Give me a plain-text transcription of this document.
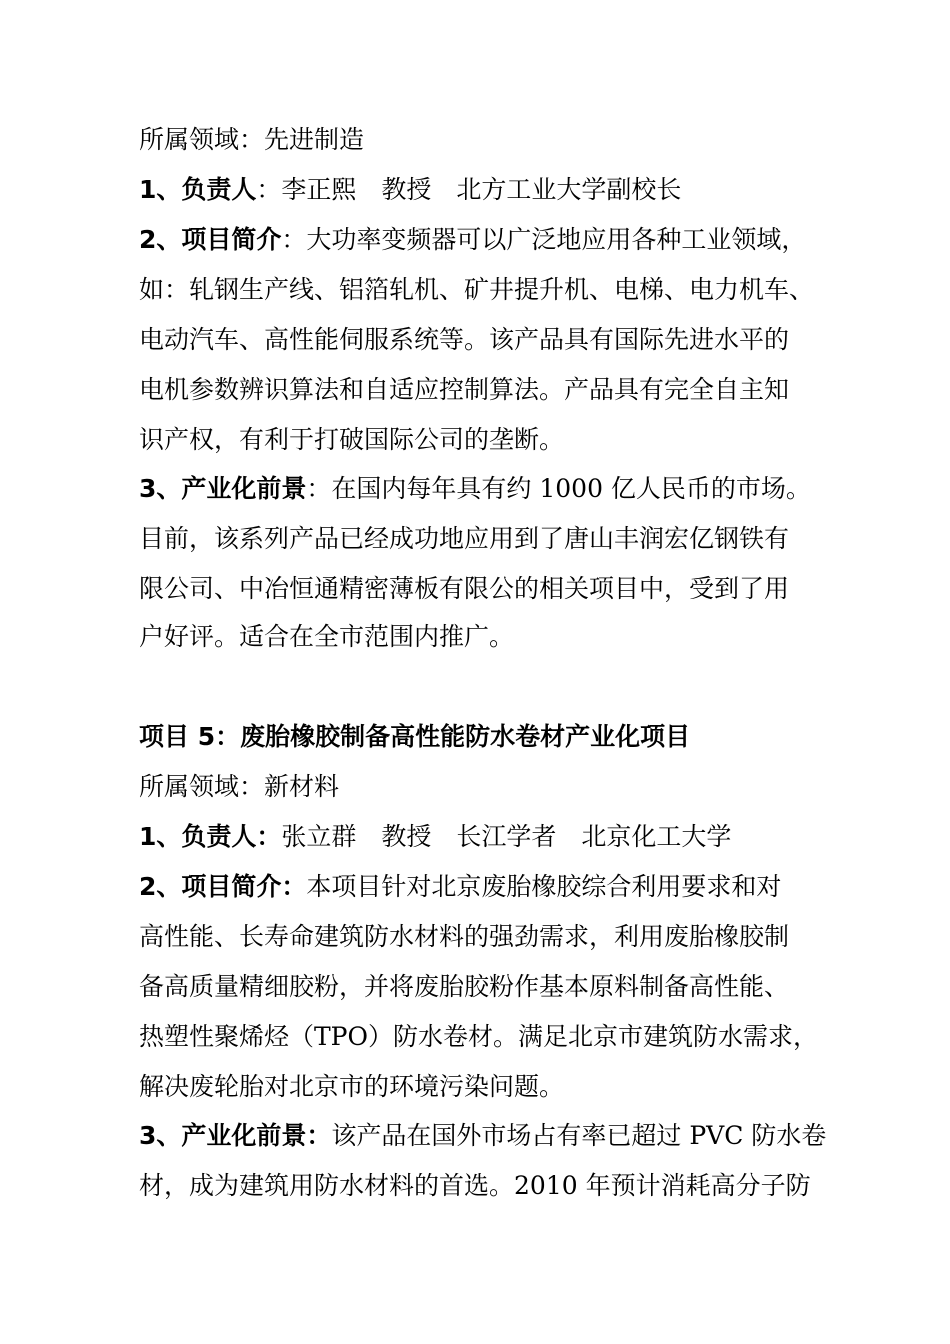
所属领域：先进制造
1、负责人：李正熙　教授　北方工业大学副校长
2、项目简介：大功率变频器可以广泛地应用各种工业领域，
如：轧钢生产线、铝箔轧机、矿井提升机、电梯、电力机车、
电动汽车、高性能伺服系统等。该产品具有国际先进水平的
电机参数辨识算法和自适应控制算法。产品具有完全自主知
识产权，有利于打破国际公司的垄断。
3、产业化前景：在国内每年具有约 1000 亿人民币的市场。
目前，该系列产品已经成功地应用到了唐山丰润宏亿钢铁有
限公司、中冶恒通精密薄板有限公的相关项目中，受到了用
户好评。适合在全市范围内推广。
项目 5：废胎橡胶制备高性能防水卷材产业化项目
所属领域：新材料
1、负责人：张立群　教授　长江学者　北京化工大学
2、项目简介：本项目针对北京废胎橡胶综合利用要求和对
高性能、长寿命建筑防水材料的强劲需求，利用废胎橡胶制
备高质量精细胶粉，并将废胎胶粉作基本原料制备高性能、
热塑性聚烯烃（TPO）防水卷材。满足北京市建筑防水需求，
解决废轮胎对北京市的环境污染问题。
3、产业化前景：该产品在国外市场占有率已超过 PVC 防水卷
材，成为建筑用防水材料的首选。2010 年预计消耗高分子防
